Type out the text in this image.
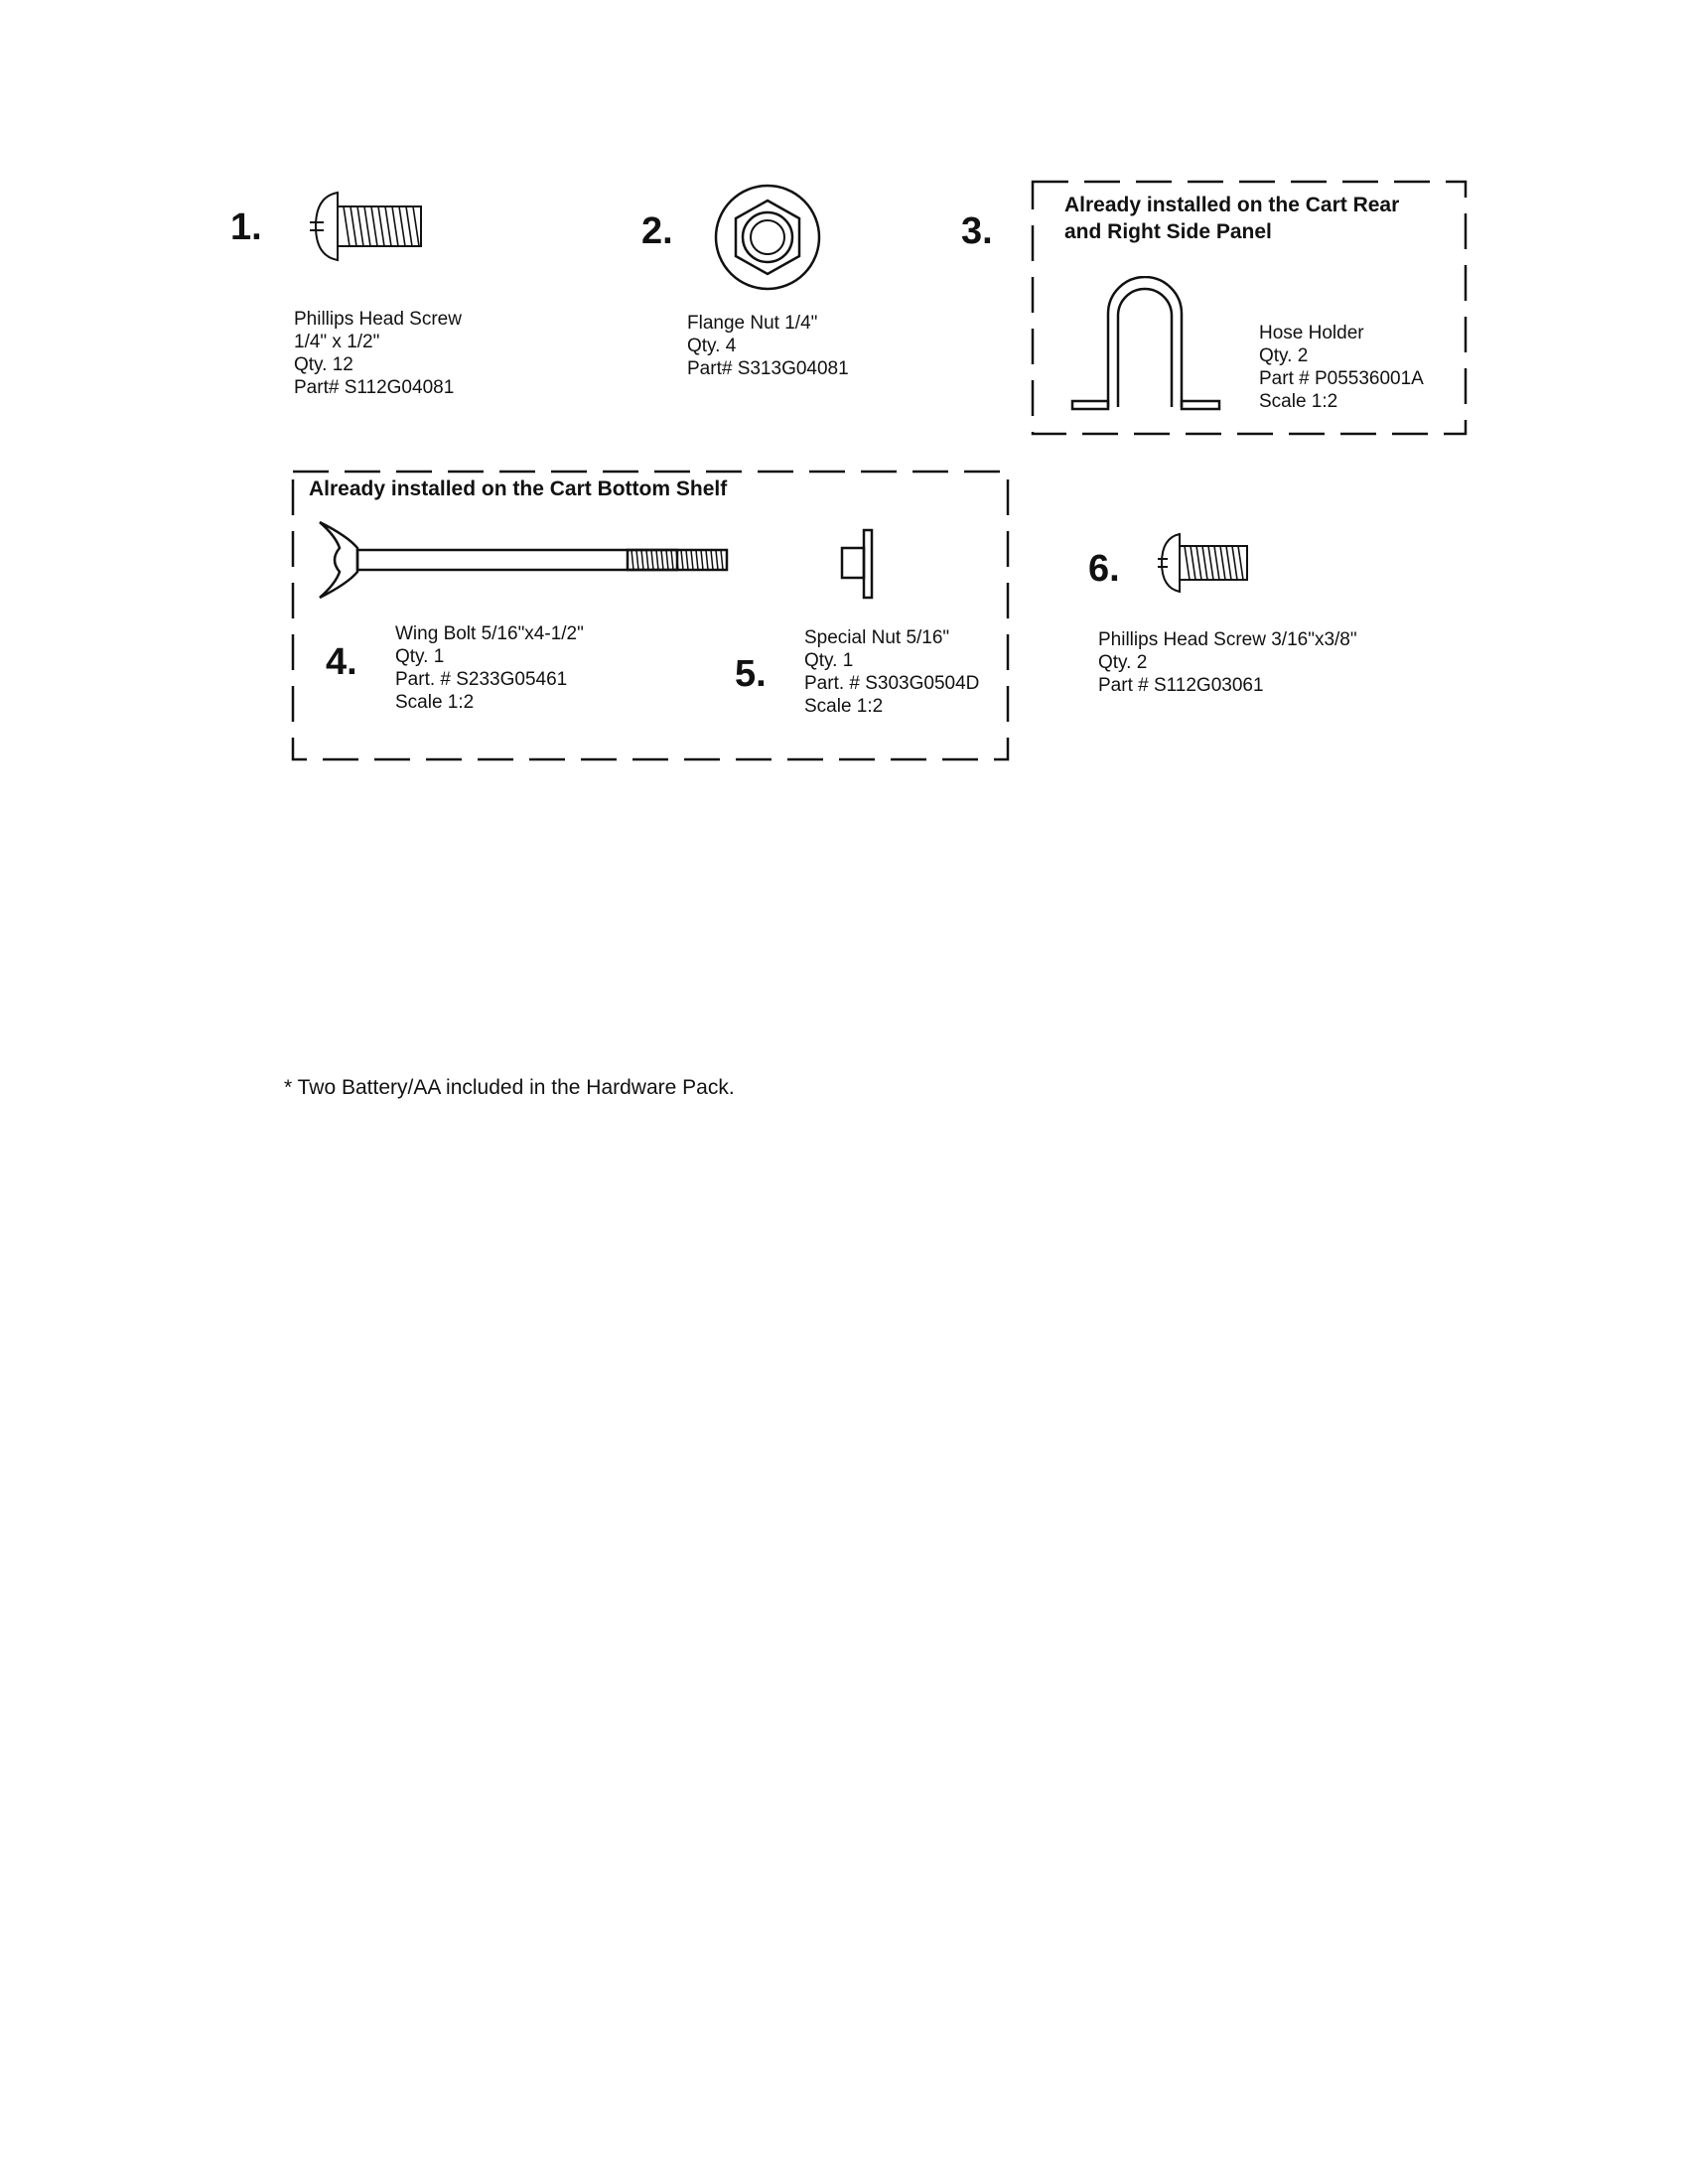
1.
Phillips Head Screw
1/4" x 1/2"
Qty. 12
Part# S112G04081
2.
Flange Nut 1/4"
Qty. 4
Part# S313G04081
3.
Already installed on the Cart Rear
and Right Side Panel
Hose Holder
Qty. 2
Part # P05536001A
Scale 1:2
Already installed on the Cart Bottom Shelf
4.
Wing Bolt 5/16"x4-1/2"
Qty. 1
Part. # S233G05461
Scale 1:2
5.
Special Nut 5/16"
Qty. 1
Part. # S303G0504D
Scale 1:2
6.
Phillips Head Screw 3/16"x3/8"
Qty. 2
Part # S112G03061
* Two Battery/AA included in the Hardware Pack.
